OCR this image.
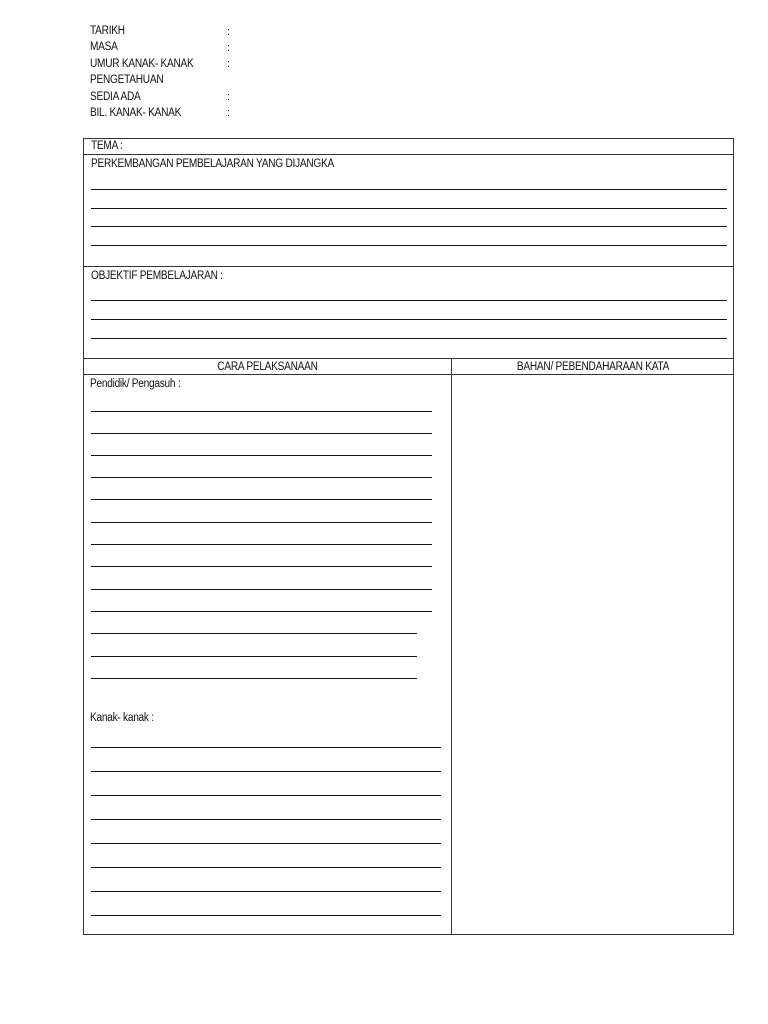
TARIKH	:
MASA	:
UMUR KANAK- KANAK	:
PENGETAHUAN
SEDIA ADA	:
BIL. KANAK- KANAK	:
TEMA :
PERKEMBANGAN PEMBELAJARAN YANG DIJANGKA
OBJEKTIF PEMBELAJARAN :
CARA PELAKSANAAN	BAHAN/ PEBENDAHARAAN KATA
Pendidik/ Pengasuh :
Kanak- kanak :
